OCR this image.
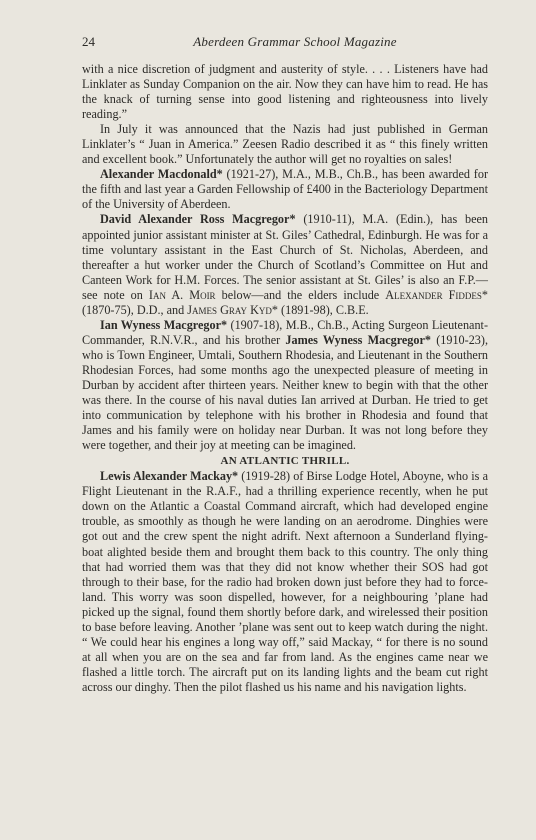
24	Aberdeen Grammar School Magazine

with a nice discretion of judgment and austerity of style. . . . Listeners have had Linklater as Sunday Companion on the air. Now they can have him to read. He has the knack of turning sense into good listening and righteousness into lively reading.”

In July it was announced that the Nazis had just published in German Linklater’s “ Juan in America.” Zeesen Radio described it as “ this finely written and excellent book.” Unfortunately the author will get no royalties on sales!

Alexander Macdonald* (1921-27), M.A., M.B., Ch.B., has been awarded for the fifth and last year a Garden Fellowship of £400 in the Bacteriology Department of the University of Aberdeen.

David Alexander Ross Macgregor* (1910-11), M.A. (Edin.), has been appointed junior assistant minister at St. Giles’ Cathedral, Edinburgh. He was for a time voluntary assistant in the East Church of St. Nicholas, Aberdeen, and thereafter a hut worker under the Church of Scotland’s Committee on Hut and Canteen Work for H.M. Forces. The senior assistant at St. Giles’ is also an F.P.—see note on Ian A. Moir below—and the elders include Alexander Fiddes* (1870-75), D.D., and James Gray Kyd* (1891-98), C.B.E.

Ian Wyness Macgregor* (1907-18), M.B., Ch.B., Acting Surgeon Lieutenant-Commander, R.N.V.R., and his brother James Wyness Macgregor* (1910-23), who is Town Engineer, Umtali, Southern Rhodesia, and Lieutenant in the Southern Rhodesian Forces, had some months ago the unexpected pleasure of meeting in Durban by accident after thirteen years. Neither knew to begin with that the other was there. In the course of his naval duties Ian arrived at Durban. He tried to get into communication by telephone with his brother in Rhodesia and found that James and his family were on holiday near Durban. It was not long before they were together, and their joy at meeting can be imagined.

AN ATLANTIC THRILL.

Lewis Alexander Mackay* (1919-28) of Birse Lodge Hotel, Aboyne, who is a Flight Lieutenant in the R.A.F., had a thrilling experience recently, when he put down on the Atlantic a Coastal Command aircraft, which had developed engine trouble, as smoothly as though he were landing on an aerodrome. Dinghies were got out and the crew spent the night adrift. Next afternoon a Sunderland flying-boat alighted beside them and brought them back to this country. The only thing that had worried them was that they did not know whether their SOS had got through to their base, for the radio had broken down just before they had to force-land. This worry was soon dispelled, however, for a neighbouring ’plane had picked up the signal, found them shortly before dark, and wirelessed their position to base before leaving. Another ’plane was sent out to keep watch during the night. “ We could hear his engines a long way off,” said Mackay, “ for there is no sound at all when you are on the sea and far from land. As the engines came near we flashed a little torch. The aircraft put on its landing lights and the beam cut right across our dinghy. Then the pilot flashed us his name and his navigation lights.
